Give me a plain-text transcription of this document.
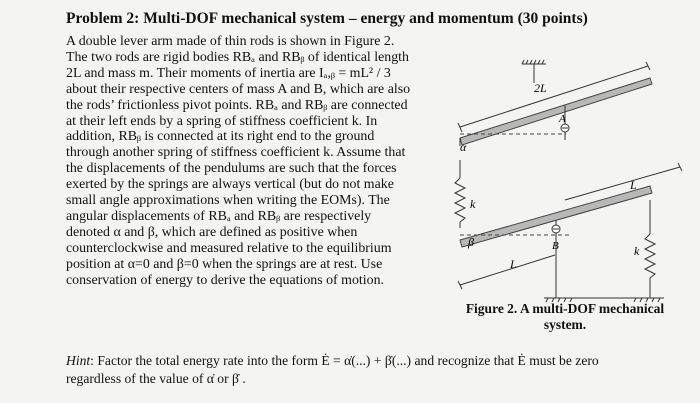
Problem 2: Multi-DOF mechanical system – energy and momentum (30 points)
A double lever arm made of thin rods is shown in Figure 2.
The two rods are rigid bodies RBₐ and RBᵦ of identical length
2L and mass m. Their moments of inertia are Iₐ,ᵦ = mL² / 3
about their respective centers of mass A and B, which are also
the rods’ frictionless pivot points. RBₐ and RBᵦ are connected
at their left ends by a spring of stiffness coefficient k. In
addition, RBᵦ is connected at its right end to the ground
through another spring of stiffness coefficient k. Assume that
the displacements of the pendulums are such that the forces
exerted by the springs are always vertical (but do not make
small angle approximations when writing the EOMs). The
angular displacements of RBₐ and RBᵦ are respectively
denoted α and β, which are defined as positive when
counterclockwise and measured relative to the equilibrium
position at α=0 and β=0 when the springs are at rest. Use
conservation of energy to derive the equations of motion.
2L
A
α
L
k
B
β
L
k
Figure 2. A multi-DOF mechanical
system.
Hint: Factor the total energy rate into the form Ė = α̇(...) + β̇(...) and recognize that Ė must be zero
regardless of the value of α̇ or β̇ .
